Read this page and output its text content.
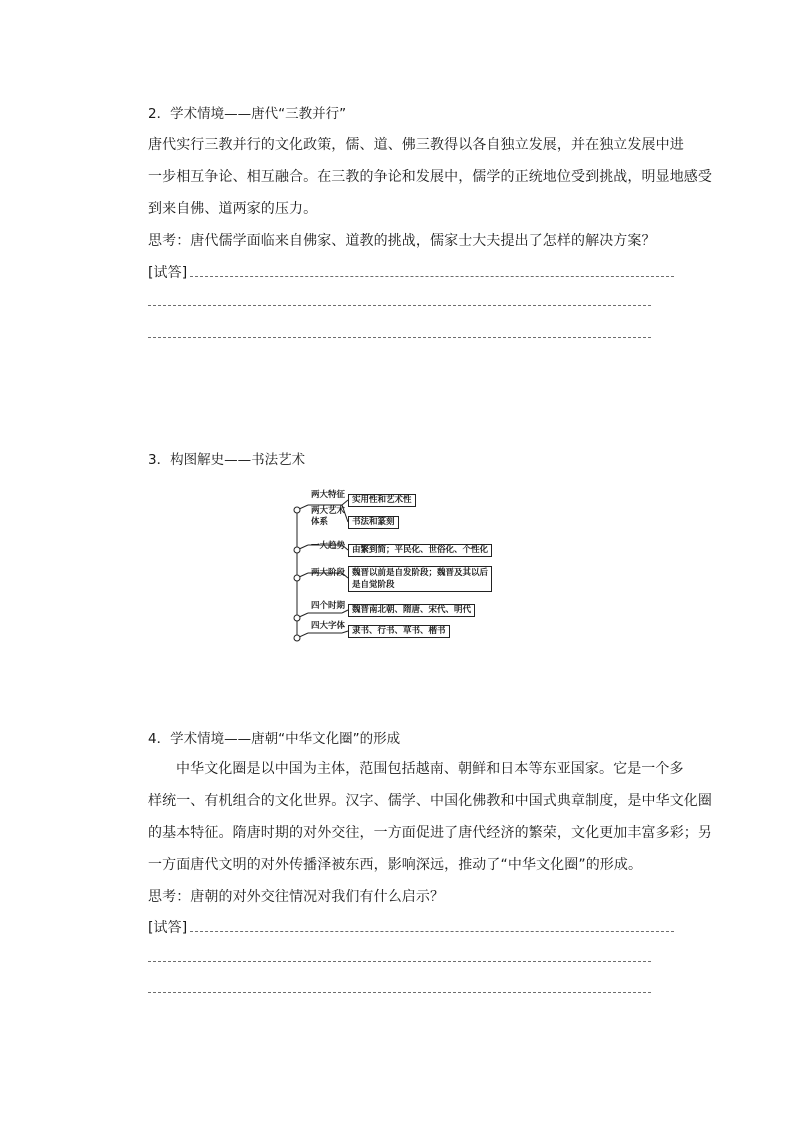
2．学术情境——唐代“三教并行”
唐代实行三教并行的文化政策，儒、道、佛三教得以各自独立发展，并在独立发展中进
一步相互争论、相互融合。在三教的争论和发展中，儒学的正统地位受到挑战，明显地感受
到来自佛、道两家的压力。
思考：唐代儒学面临来自佛家、道教的挑战，儒家士大夫提出了怎样的解决方案？
[试答]
3．构图解史——书法艺术
两大特征
两大艺术
体系
一大趋势
两大阶段
四个时期
四大字体
实用性和艺术性
书法和篆刻
由繁到简；平民化、世俗化、个性化
魏晋以前是自发阶段；魏晋及其以后
是自觉阶段
魏晋南北朝、隋唐、宋代、明代
隶书、行书、草书、楷书
4．学术情境——唐朝“中华文化圈”的形成
中华文化圈是以中国为主体，范围包括越南、朝鲜和日本等东亚国家。它是一个多
样统一、有机组合的文化世界。汉字、儒学、中国化佛教和中国式典章制度，是中华文化圈
的基本特征。隋唐时期的对外交往，一方面促进了唐代经济的繁荣，文化更加丰富多彩；另
一方面唐代文明的对外传播泽被东西，影响深远，推动了“中华文化圈”的形成。
思考：唐朝的对外交往情况对我们有什么启示？
[试答]
